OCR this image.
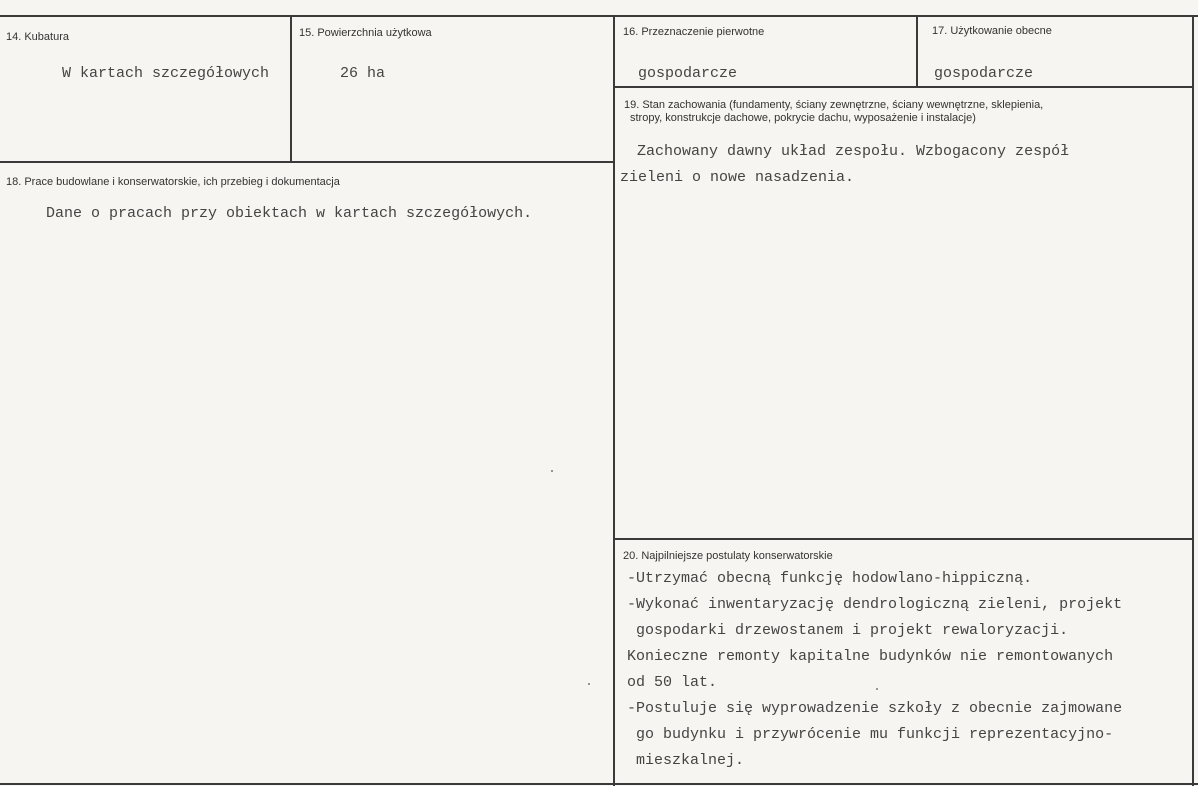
14. Kubatura
W kartach szczegółowych
15. Powierzchnia użytkowa
26 ha
16. Przeznaczenie pierwotne
gospodarcze
17. Użytkowanie obecne
gospodarcze
18. Prace budowlane i konserwatorskie, ich przebieg i dokumentacja
Dane o pracach przy obiektach w kartach szczegółowych.
19. Stan zachowania (fundamenty, ściany zewnętrzne, ściany wewnętrzne, sklepienia,
stropy, konstrukcje dachowe, pokrycie dachu, wyposażenie i instalacje)
Zachowany dawny układ zespołu. Wzbogacony zespół
zieleni o nowe nasadzenia.
20. Najpilniejsze postulaty konserwatorskie
-Utrzymać obecną funkcję hodowlano-hippiczną.
-Wykonać inwentaryzację dendrologiczną zieleni, projekt
gospodarki drzewostanem i projekt rewaloryzacji.
Konieczne remonty kapitalne budynków nie remontowanych
od 50 lat.
-Postuluje się wyprowadzenie szkoły z obecnie zajmowane
go budynku i przywrócenie mu funkcji reprezentacyjno-
mieszkalnej.
